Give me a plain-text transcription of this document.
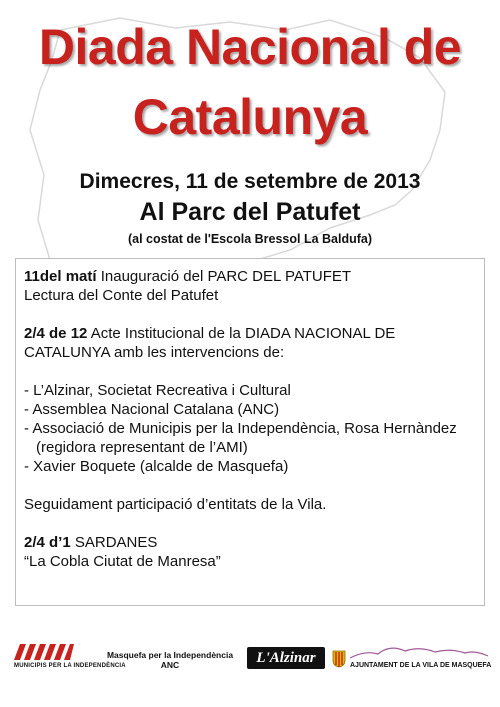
Diada Nacional de
Catalunya
Dimecres, 11 de setembre de 2013
Al Parc del Patufet
(al costat de l'Escola Bressol La Baldufa)

11del matí Inauguració del PARC DEL PATUFET

Lectura del Conte del Patufet

2/4 de 12 Acte Institucional de la DIADA NACIONAL DE

CATALUNYA amb les intervencions de:

- L’Alzinar, Societat Recreativa i Cultural

- Assemblea Nacional Catalana (ANC)

- Associació de Municipis per la Independència, Rosa Hernàndez

(regidora representant de l’AMI)

- Xavier Boquete (alcalde de Masquefa)

Seguidament participació d’entitats de la Vila.

2/4 d’1 SARDANES

“La Cobla Ciutat de Manresa”

MUNICIPIS PER LA INDEPENDÈNCIA
Masquefa per la Independència
ANC	L'Alzinar	AJUNTAMENT DE LA VILA DE MASQUEFA
